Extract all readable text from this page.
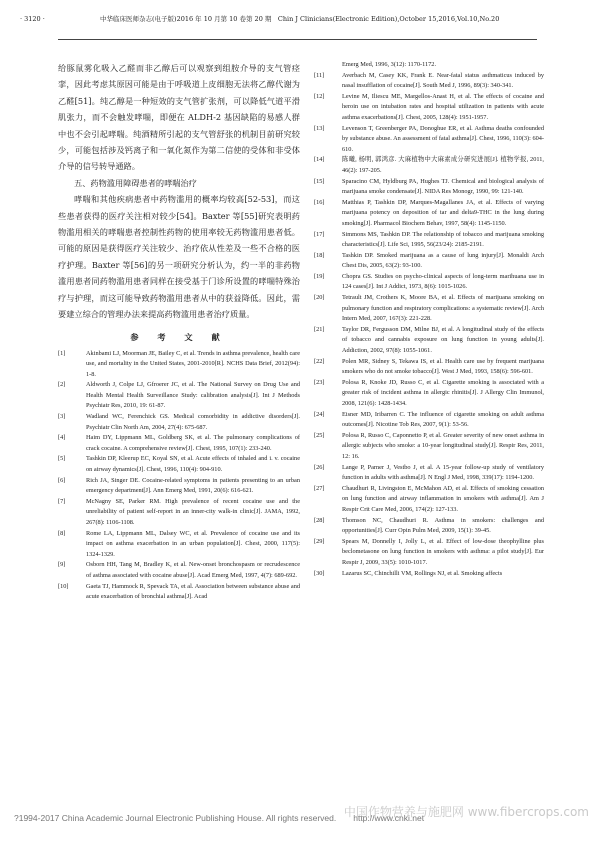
· 3120 ·	中华临床医师杂志(电子版)2016 年 10 月第 10 卷第 20 期　Chin J Clinicians(Electronic Edition),October 15,2016,Vol.10,No.20

给豚鼠雾化吸入乙醛而非乙醇后可以观察到组胺介导的支气管痉挛，因此考虑其原因可能是由于呼吸道上皮细胞无法将乙醇代谢为乙醛[51]。纯乙醇是一种短效的支气管扩张剂，可以降低气道平滑肌张力，而不会触发哮喘，即便在 ALDH-2 基因缺陷的易感人群中也不会引起哮喘。纯酒精所引起的支气管舒张的机制目前研究较少，可能包括涉及钙离子和一氧化氮作为第二信使的受体和非受体介导的信号转导通路。

五、药物滥用障碍患者的哮喘治疗

哮喘和其他疾病患者中药物滥用的概率均较高[52-53]，而这些患者获得的医疗关注相对较少[54]。Baxter 等[55]研究表明药物滥用相关的哮喘患者控制性药物的使用率较无药物滥用患者低。可能的原因是获得医疗关注较少、治疗依从性差及一些不合格的医疗护理。Baxter 等[56]的另一项研究分析认为，约一半的非药物滥用患者同药物滥用患者同样在接受基于门诊所设置的哮喘特殊治疗与护理，而这可能导致药物滥用患者从中的获益降低。因此，需要建立综合的管理办法来提高药物滥用患者治疗质量。

参 考 文 献
[1]	Akinbami LJ, Moorman JE, Bailey C, et al. Trends in asthma prevalence, health care use, and mortality in the United States, 2001-2010[R]. NCHS Data Brief, 2012(94): 1-8.
[2]	Aldworth J, Colpe LJ, Gfroerer JC, et al. The National Survey on Drug Use and Health Mental Health Surveillance Study: calibration analysis[J]. Int J Methods Psychiatr Res, 2010, 19: 61-87.
[3]	Wadland WC, Ferenchick GS. Medical comorbidity in addictive disorders[J]. Psychiatr Clin North Am, 2004, 27(4): 675-687.
[4]	Haim DY, Lippmann ML, Goldberg SK, et al. The pulmonary complications of crack cocaine. A comprehensive review[J]. Chest, 1995, 107(1): 233-240.
[5]	Tashkin DP, Kleerup EC, Koyal SN, et al. Acute effects of inhaled and i. v. cocaine on airway dynamics[J]. Chest, 1996, 110(4): 904-910.
[6]	Rich JA, Singer DE. Cocaine-related symptoms in patients presenting to an urban emergency department[J]. Ann Emerg Med, 1991, 20(6): 616-621.
[7]	McNagny SE, Parker RM. High prevalence of recent cocaine use and the unreliability of patient self-report in an inner-city walk-in clinic[J]. JAMA, 1992, 267(8): 1106-1108.
[8]	Rome LA, Lippmann ML, Dalsey WC, et al. Prevalence of cocaine use and its impact on asthma exacerbation in an urban population[J]. Chest, 2000, 117(5): 1324-1329.
[9]	Osborn HH, Tang M, Bradley K, et al. New-onset bronchospasm or recrudescence of asthma associated with cocaine abuse[J]. Acad Emerg Med, 1997, 4(7): 689-692.
[10]	Gaeta TJ, Hammock R, Spevack TA, et al. Association between substance abuse and acute exacerbation of bronchial asthma[J]. Acad
Emerg Med, 1996, 3(12): 1170-1172.
[11]	Averbach M, Casey KK, Frank E. Near-fatal status asthmaticus induced by nasal insufflation of cocaine[J]. South Med J, 1996, 89(3): 340-341.
[12]	Levine M, Iliescu ME, Margellos-Anast H, et al. The effects of cocaine and heroin use on intubation rates and hospital utilization in patients with acute asthma exacerbations[J]. Chest, 2005, 128(4): 1951-1957.
[13]	Levenson T, Greenberger PA, Donoghue ER, et al. Asthma deaths confounded by substance abuse. An assessment of fatal asthma[J]. Chest, 1996, 110(3): 604-610.
[14]	陈曦, 杨明, 郭鸿彦. 大麻植物中大麻素成分研究进展[J]. 植物学报, 2011, 46(2): 197-205.
[15]	Sparacino CM, Hyldburg PA, Hughes TJ. Chemical and biological analysis of marijuana smoke condensate[J]. NIDA Res Monogr, 1990, 99: 121-140.
[16]	Matthias P, Tashkin DP, Marques-Magallanes JA, et al. Effects of varying marijuana potency on deposition of tar and delta9-THC in the lung during smoking[J]. Pharmacol Biochem Behav, 1997, 58(4): 1145-1150.
[17]	Simmons MS, Tashkin DP. The relationship of tobacco and marijuana smoking characteristics[J]. Life Sci, 1995, 56(23/24): 2185-2191.
[18]	Tashkin DP. Smoked marijuana as a cause of lung injury[J]. Monaldi Arch Chest Dis, 2005, 63(2): 93-100.
[19]	Chopra GS. Studies on psycho-clinical aspects of long-term marihuana use in 124 cases[J]. Int J Addict, 1973, 8(6): 1015-1026.
[20]	Tetrault JM, Crothers K, Moore BA, et al. Effects of marijuana smoking on pulmonary function and respiratory complications: a systematic review[J]. Arch Intern Med, 2007, 167(3): 221-228.
[21]	Taylor DR, Fergusson DM, Milne BJ, et al. A longitudinal study of the effects of tobacco and cannabis exposure on lung function in young adults[J]. Addiction, 2002, 97(8): 1055-1061.
[22]	Polen MR, Sidney S, Tekawa IS, et al. Health care use by frequent marijuana smokers who do not smoke tobacco[J]. West J Med, 1993, 158(6): 596-601.
[23]	Polosa R, Knoke JD, Russo C, et al. Cigarette smoking is associated with a greater risk of incident asthma in allergic rhinitis[J]. J Allergy Clin Immunol, 2008, 121(6): 1428-1434.
[24]	Eisner MD, Iribarren C. The influence of cigarette smoking on adult asthma outcomes[J]. Nicotine Tob Res, 2007, 9(1): 53-56.
[25]	Polosa R, Russo C, Caponnetto P, et al. Greater severity of new onset asthma in allergic subjects who smoke: a 10-year longitudinal study[J]. Respir Res, 2011, 12: 16.
[26]	Lange P, Parner J, Vestbo J, et al. A 15-year follow-up study of ventilatory function in adults with asthma[J]. N Engl J Med, 1998, 339(17): 1194-1200.
[27]	Chaudhuri R, Livingston E, McMahon AD, et al. Effects of smoking cessation on lung function and airway inflammation in smokers with asthma[J]. Am J Respir Crit Care Med, 2006, 174(2): 127-133.
[28]	Thomson NC, Chaudhuri R. Asthma in smokers: challenges and opportunities[J]. Curr Opin Pulm Med, 2009, 15(1): 39-45.
[29]	Spears M, Donnelly I, Jolly L, et al. Effect of low-dose theophylline plus beclometasone on lung function in smokers with asthma: a pilot study[J]. Eur Respir J, 2009, 33(5): 1010-1017.
[30]	Lazarus SC, Chinchilli VM, Rollings NJ, et al. Smoking affects
?1994-2017 China Academic Journal Electronic Publishing House. All rights reserved.　　http://www.cnki.net
中国作物营养与施肥网 www.fibercrops.com
